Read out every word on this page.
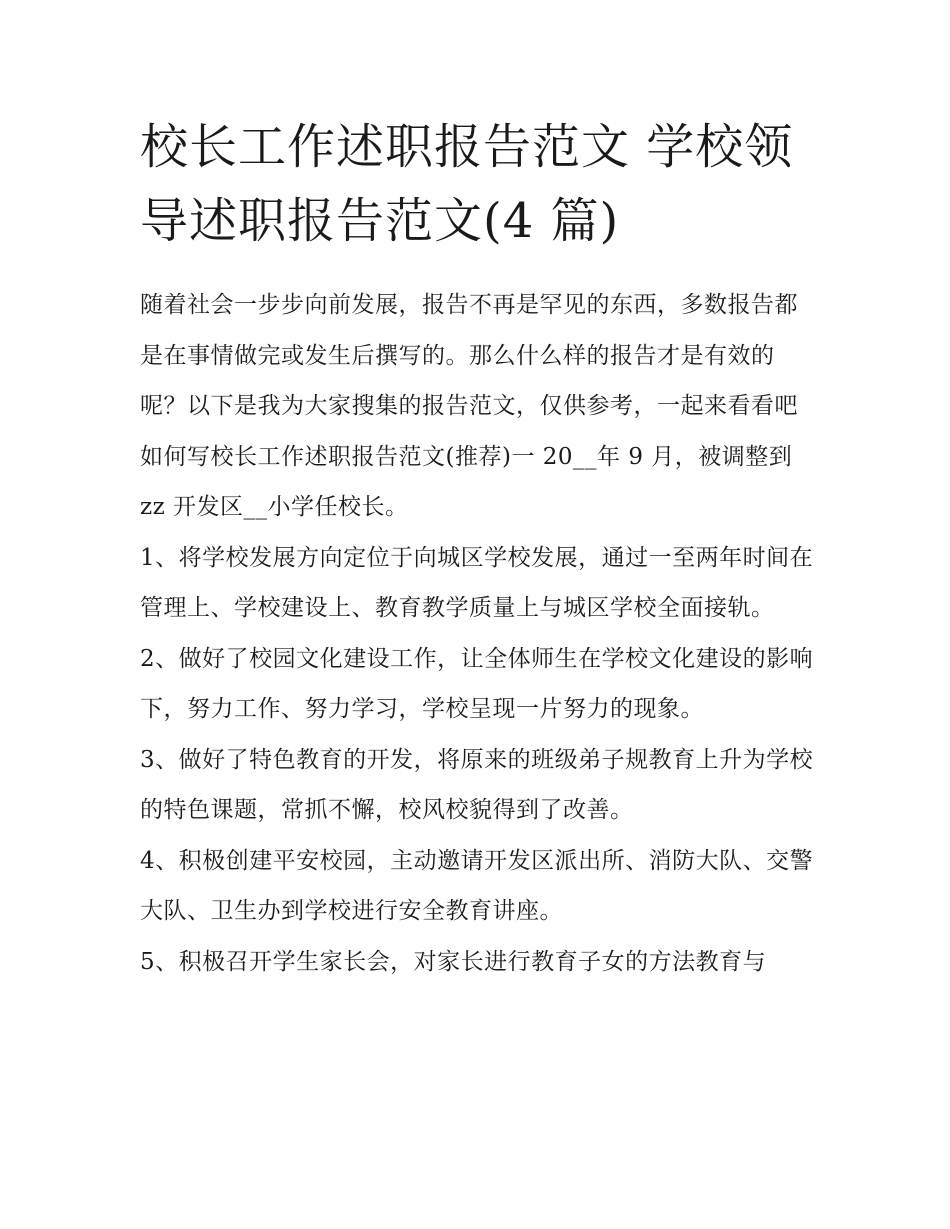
校长工作述职报告范文 学校领导述职报告范文(4 篇)

随着社会一步步向前发展，报告不再是罕见的东西，多数报告都是在事情做完或发生后撰写的。那么什么样的报告才是有效的呢？以下是我为大家搜集的报告范文，仅供参考，一起来看看吧

如何写校长工作述职报告范文(推荐)一 20__年 9 月，被调整到 zz 开发区__小学任校长。

1、将学校发展方向定位于向城区学校发展，通过一至两年时间在管理上、学校建设上、教育教学质量上与城区学校全面接轨。

2、做好了校园文化建设工作，让全体师生在学校文化建设的影响下，努力工作、努力学习，学校呈现一片努力的现象。

3、做好了特色教育的开发，将原来的班级弟子规教育上升为学校的特色课题，常抓不懈，校风校貌得到了改善。

4、积极创建平安校园，主动邀请开发区派出所、消防大队、交警大队、卫生办到学校进行安全教育讲座。

5、积极召开学生家长会，对家长进行教育子女的方法教育与
